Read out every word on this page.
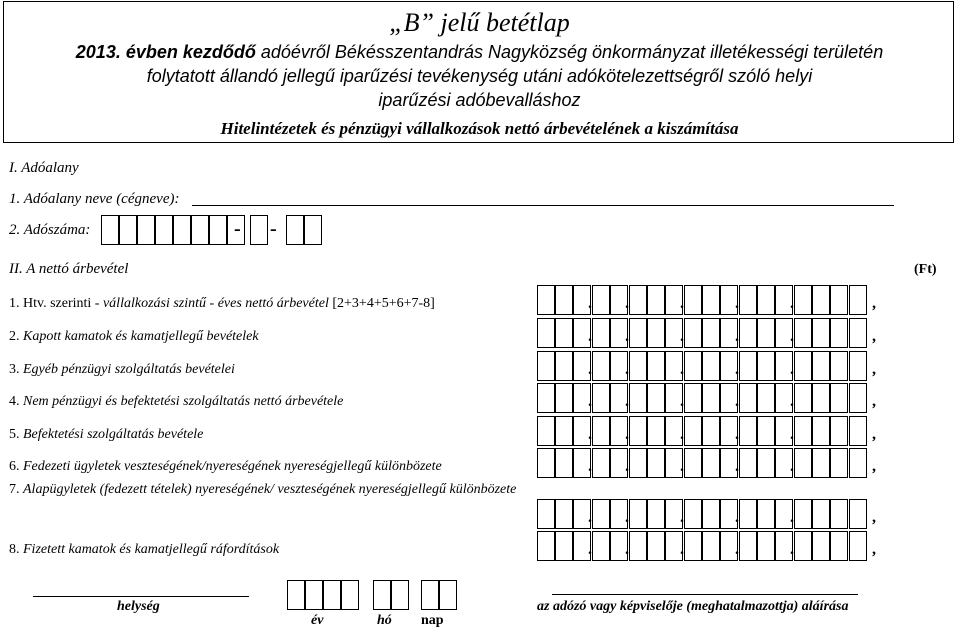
„B” jelű betétlap
2013. évben kezdődő adóévről Békésszentandrás Nagyközség önkormányzat illetékességi területén
folytatott állandó jellegű iparűzési tevékenység utáni adókötelezettségről szóló helyi
iparűzési adóbevalláshoz
Hitelintézetek és pénzügyi vállalkozások nettó árbevételének a kiszámítása
I. Adóalany
1. Adóalany neve (cégneve):
2. Adószáma:	- -
II. A nettó árbevétel	(Ft)
1. Htv. szerinti - vállalkozási szintű - éves nettó árbevétel [2+3+4+5+6+7-8]	. .	.	.	.	,
2. Kapott kamatok és kamatjellegű bevételek	. .	.	.	.	,
3. Egyéb pénzügyi szolgáltatás bevételei	. .	.	.	.	,
4. Nem pénzügyi és befektetési szolgáltatás nettó árbevétele	. .	.	.	.	,
5. Befektetési szolgáltatás bevétele	. .	.	.	.	,
6. Fedezeti ügyletek veszteségének/nyereségének nyereségjellegű különbözete	. .	.	.	.	,
7. Alapügyletek (fedezett tételek) nyereségének/ veszteségének nyereségjellegű különbözete
. .	.	.	.	,
8. Fizetett kamatok és kamatjellegű ráfordítások	. .	.	.	.	,
helység
év	hó nap
az adózó vagy képviselője (meghatalmazottja) aláírása
